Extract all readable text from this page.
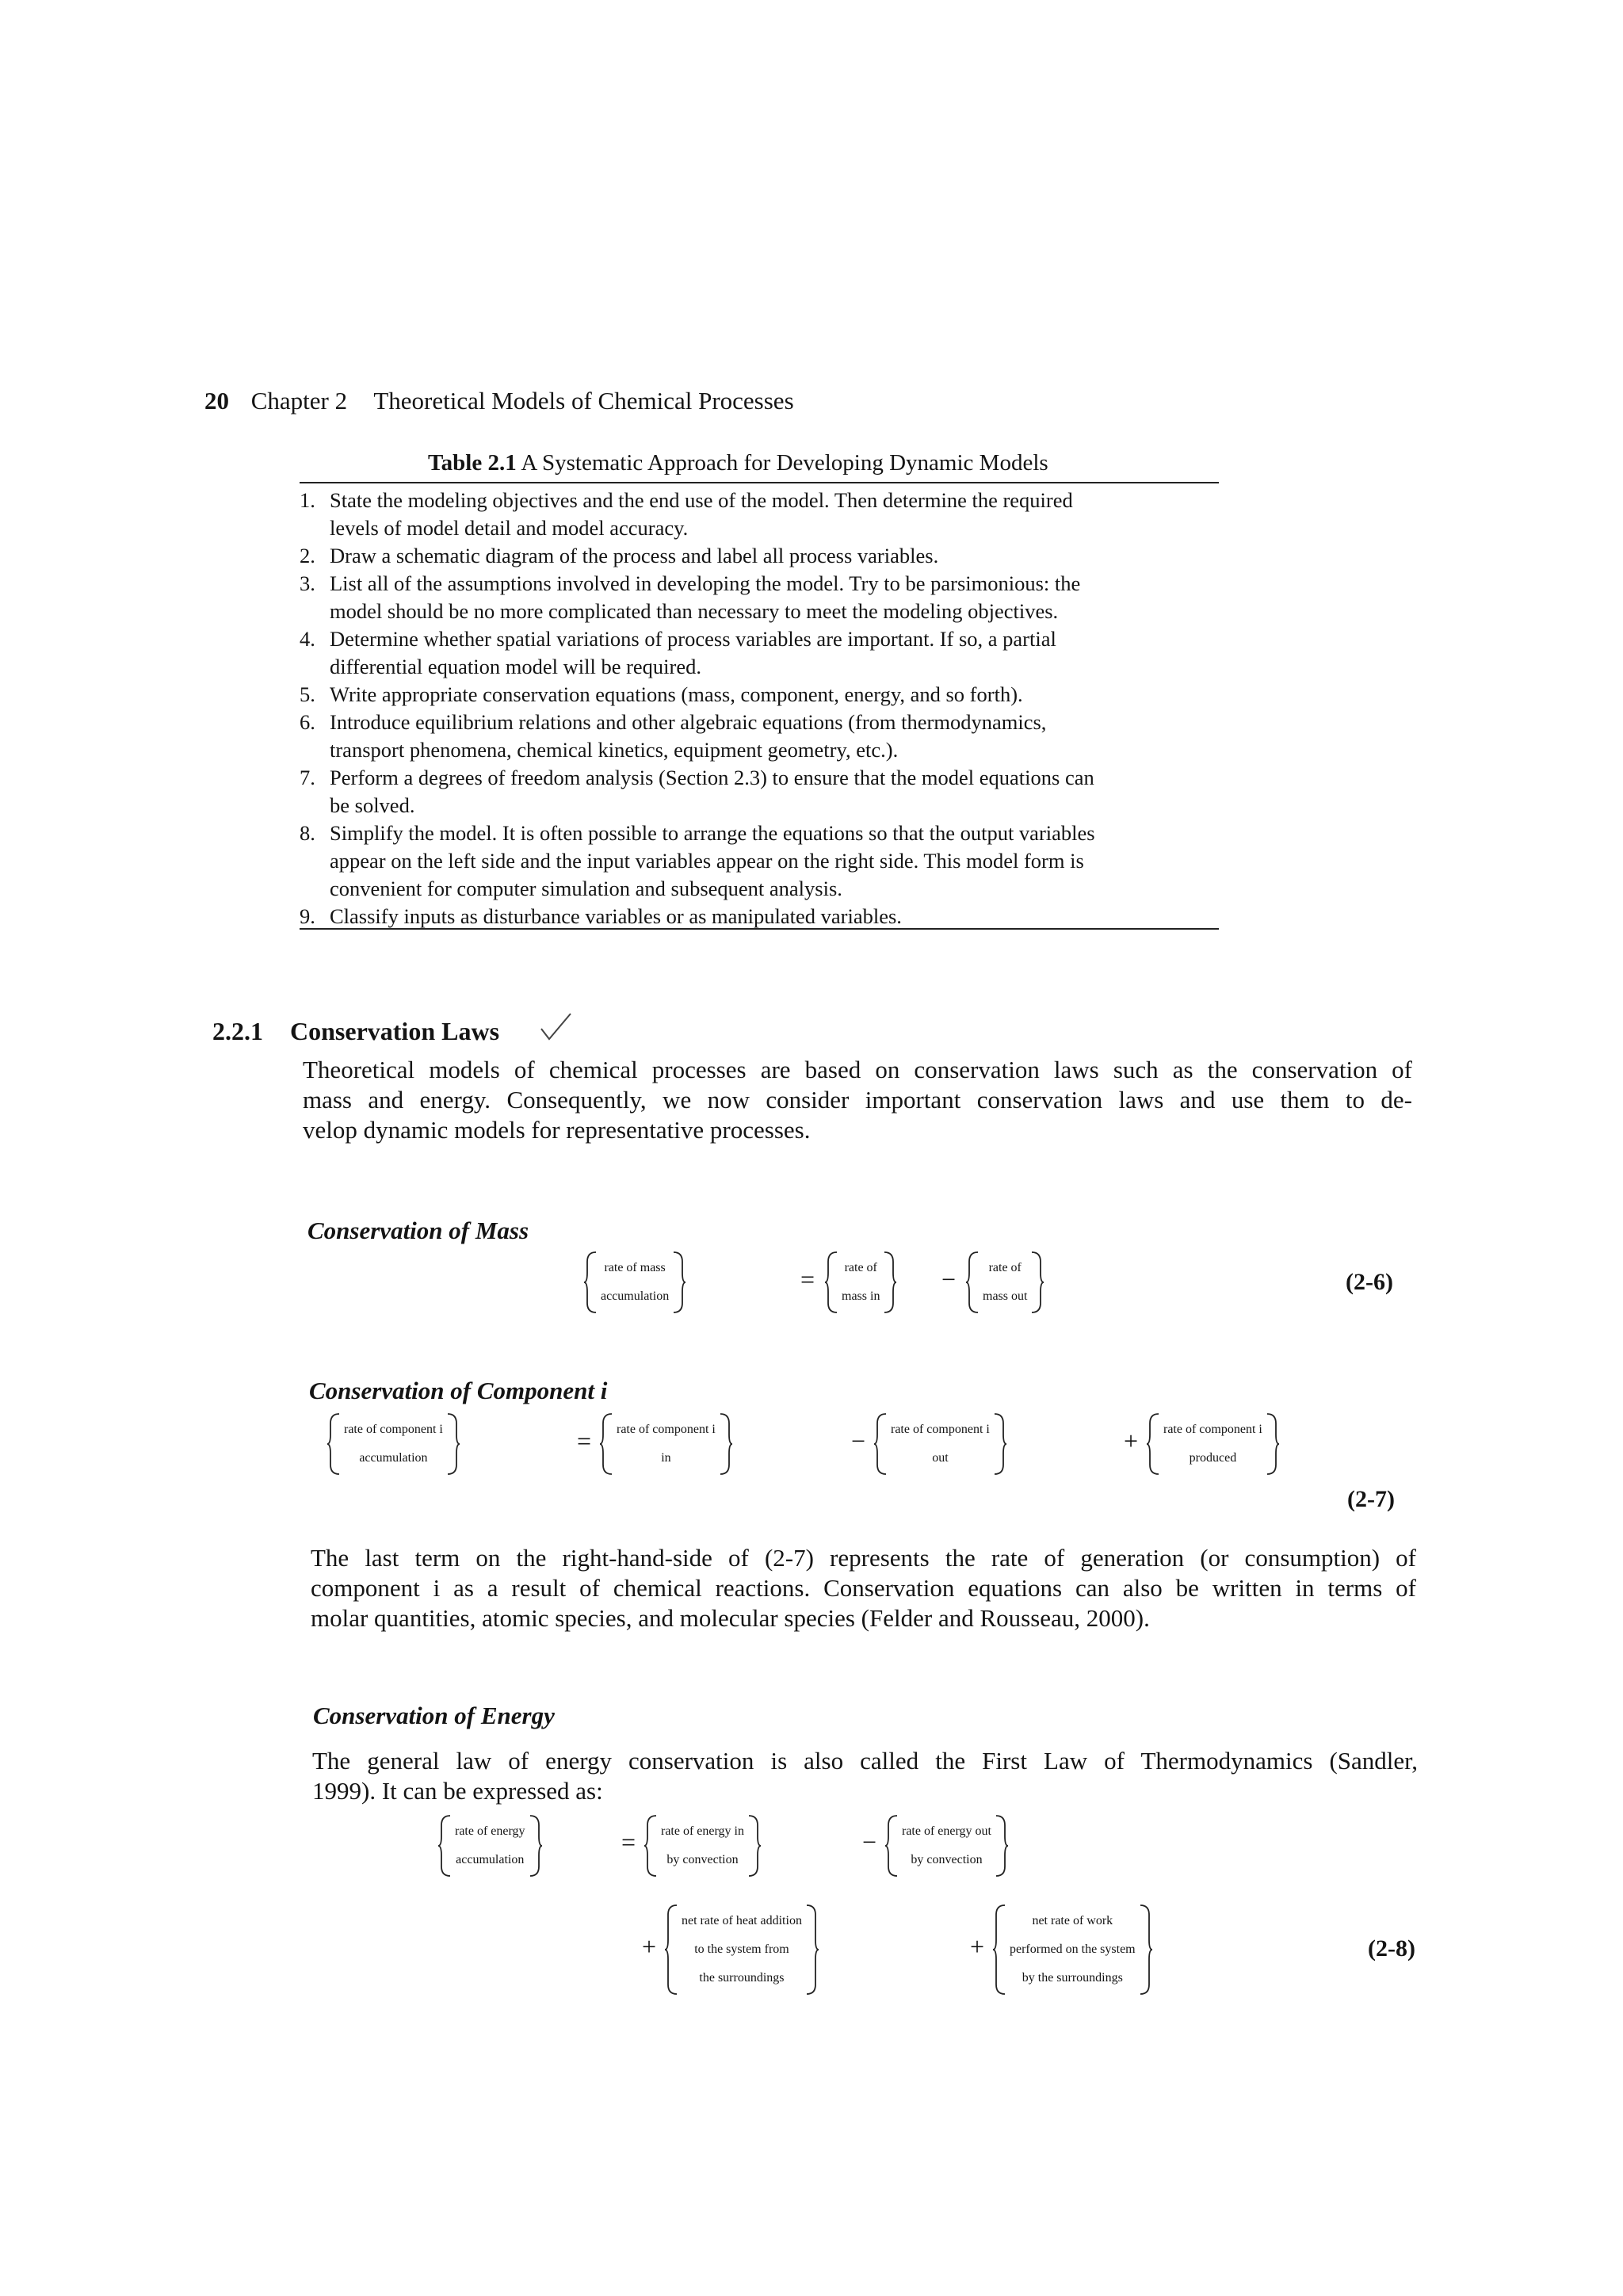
20 Chapter 2 Theoretical Models of Chemical Processes
Table 2.1 A Systematic Approach for Developing Dynamic Models
1. State the modeling objectives and the end use of the model. Then determine the required
levels of model detail and model accuracy.
2. Draw a schematic diagram of the process and label all process variables.
3. List all of the assumptions involved in developing the model. Try to be parsimonious: the
model should be no more complicated than necessary to meet the modeling objectives.
4. Determine whether spatial variations of process variables are important. If so, a partial
differential equation model will be required.
5. Write appropriate conservation equations (mass, component, energy, and so forth).
6. Introduce equilibrium relations and other algebraic equations (from thermodynamics,
transport phenomena, chemical kinetics, equipment geometry, etc.).
7. Perform a degrees of freedom analysis (Section 2.3) to ensure that the model equations can
be solved.
8. Simplify the model. It is often possible to arrange the equations so that the output variables
appear on the left side and the input variables appear on the right side. This model form is
convenient for computer simulation and subsequent analysis.
9. Classify inputs as disturbance variables or as manipulated variables.
2.2.1 Conservation Laws
Theoretical models of chemical processes are based on conservation laws such as the conservation of
mass and energy. Consequently, we now consider important conservation laws and use them to de-
velop dynamic models for representative processes.
Conservation of Mass
rate of mass
accumulation
= rate of
mass in
−	rate of
mass out
(2-6)
Conservation of Component i
rate of component i
accumulation
= rate of component i
in
− rate of component i
out
+ rate of component i
produced
(2-7)
The last term on the right-hand-side of (2-7) represents the rate of generation (or consumption) of
component i as a result of chemical reactions. Conservation equations can also be written in terms of
molar quantities, atomic species, and molecular species (Felder and Rousseau, 2000).
Conservation of Energy
The general law of energy conservation is also called the First Law of Thermodynamics (Sandler,
1999). It can be expressed as:
rate of energy
accumulation
= rate of energy in
by convection
− rate of energy out
by convection
+
net rate of heat addition
to the system from
the surroundings
+
net rate of work
performed on the system
by the surroundings
(2-8)
